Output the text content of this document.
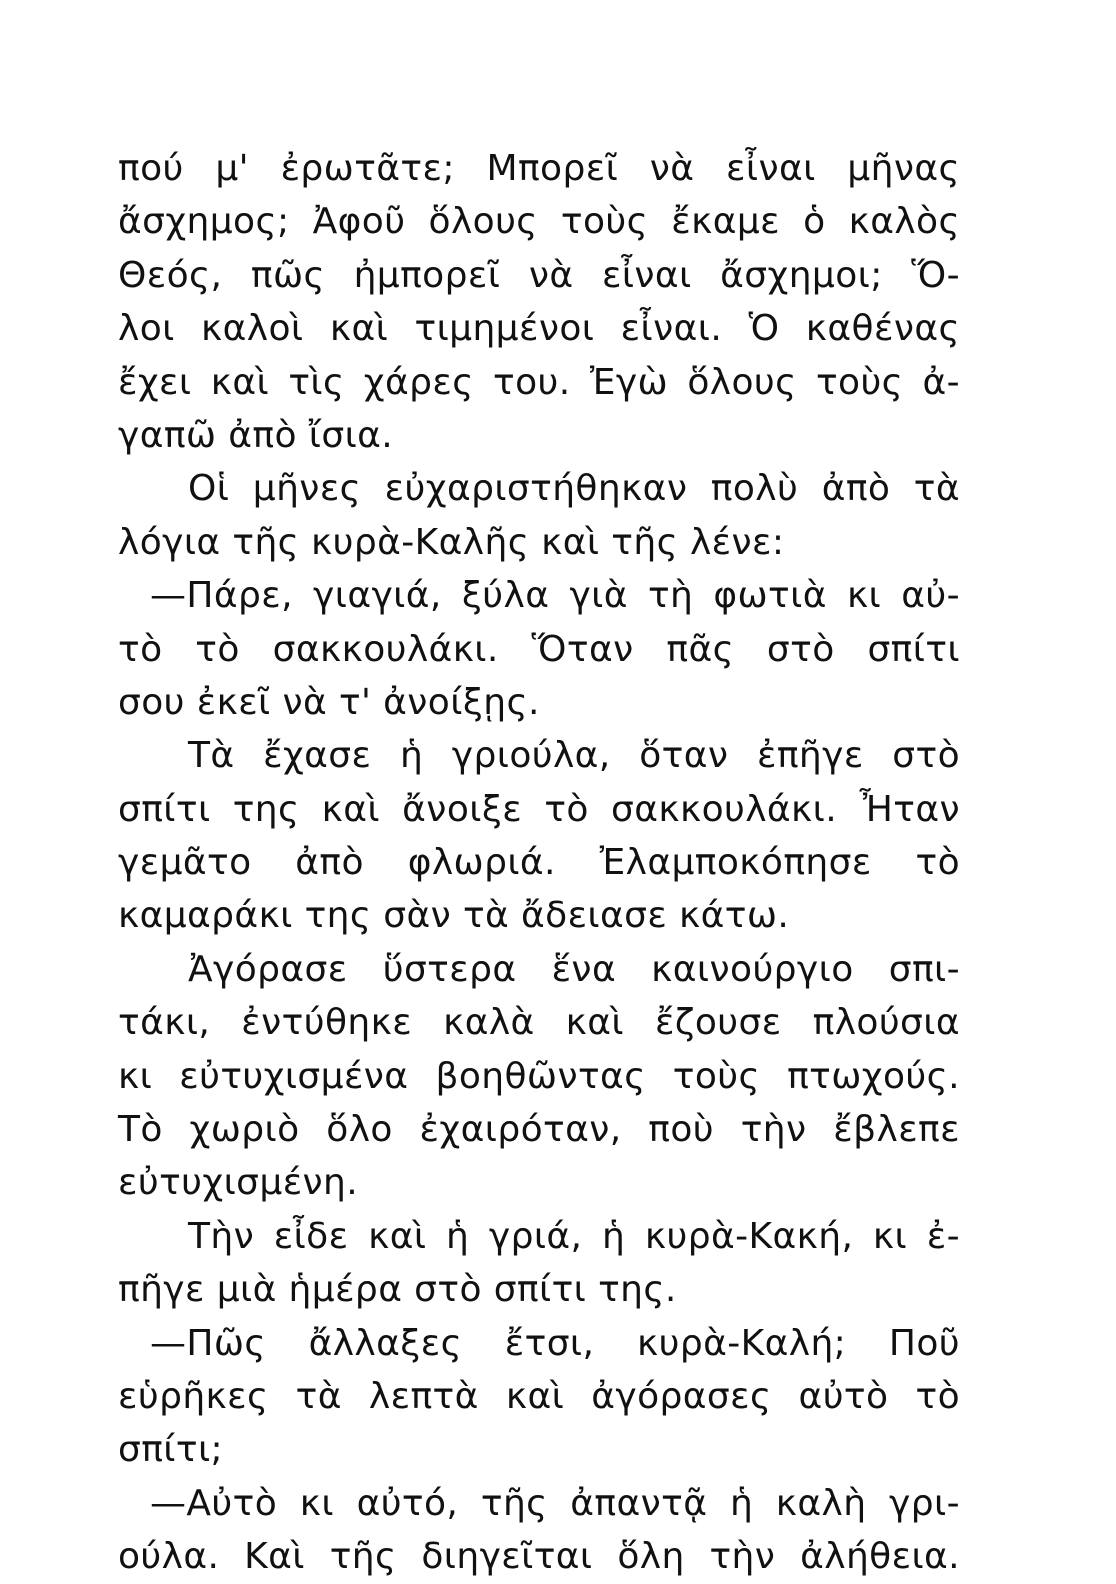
πού μ' ἐρωτᾶτε; Μπορεῖ νὰ εἶναι μῆνας
ἄσχημος; Ἀφοῦ ὅλους τοὺς ἔκαμε ὁ καλὸς
Θεός, πῶς ἠμπορεῖ νὰ εἶναι ἄσχημοι; Ὅ-
λοι καλοὶ καὶ τιμημένοι εἶναι. Ὁ καθένας
ἔχει καὶ τὶς χάρες του. Ἐγὼ ὅλους τοὺς ἀ-
γαπῶ ἀπὸ ἴσια.
Οἱ μῆνες εὐχαριστήθηκαν πολὺ ἀπὸ τὰ
λόγια τῆς κυρὰ-Καλῆς καὶ τῆς λένε:
—Πάρε, γιαγιά, ξύλα γιὰ τὴ φωτιὰ κι αὐ-
τὸ τὸ σακκουλάκι. Ὅταν πᾶς στὸ σπίτι
σου ἐκεῖ νὰ τ' ἀνοίξῃς.
Τὰ ἔχασε ἡ γριούλα, ὅταν ἐπῆγε στὸ
σπίτι της καὶ ἄνοιξε τὸ σακκουλάκι. Ἦταν
γεμᾶτο ἀπὸ φλωριά. Ἐλαμποκόπησε τὸ
καμαράκι της σὰν τὰ ἄδειασε κάτω.
Ἀγόρασε ὕστερα ἕνα καινούργιο σπι-
τάκι, ἐντύθηκε καλὰ καὶ ἔζουσε πλούσια
κι εὐτυχισμένα βοηθῶντας τοὺς πτωχούς.
Τὸ χωριὸ ὅλο ἐχαιρόταν, ποὺ τὴν ἔβλεπε
εὐτυχισμένη.
Τὴν εἶδε καὶ ἡ γριά, ἡ κυρὰ-Κακή, κι ἐ-
πῆγε μιὰ ἡμέρα στὸ σπίτι της.
—Πῶς ἄλλαξες ἔτσι, κυρὰ-Καλή; Ποῦ
εὑρῆκες τὰ λεπτὰ καὶ ἀγόρασες αὐτὸ τὸ
σπίτι;
—Αὐτὸ κι αὐτό, τῆς ἀπαντᾷ ἡ καλὴ γρι-
ούλα. Καὶ τῆς διηγεῖται ὅλη τὴν ἀλήθεια.
